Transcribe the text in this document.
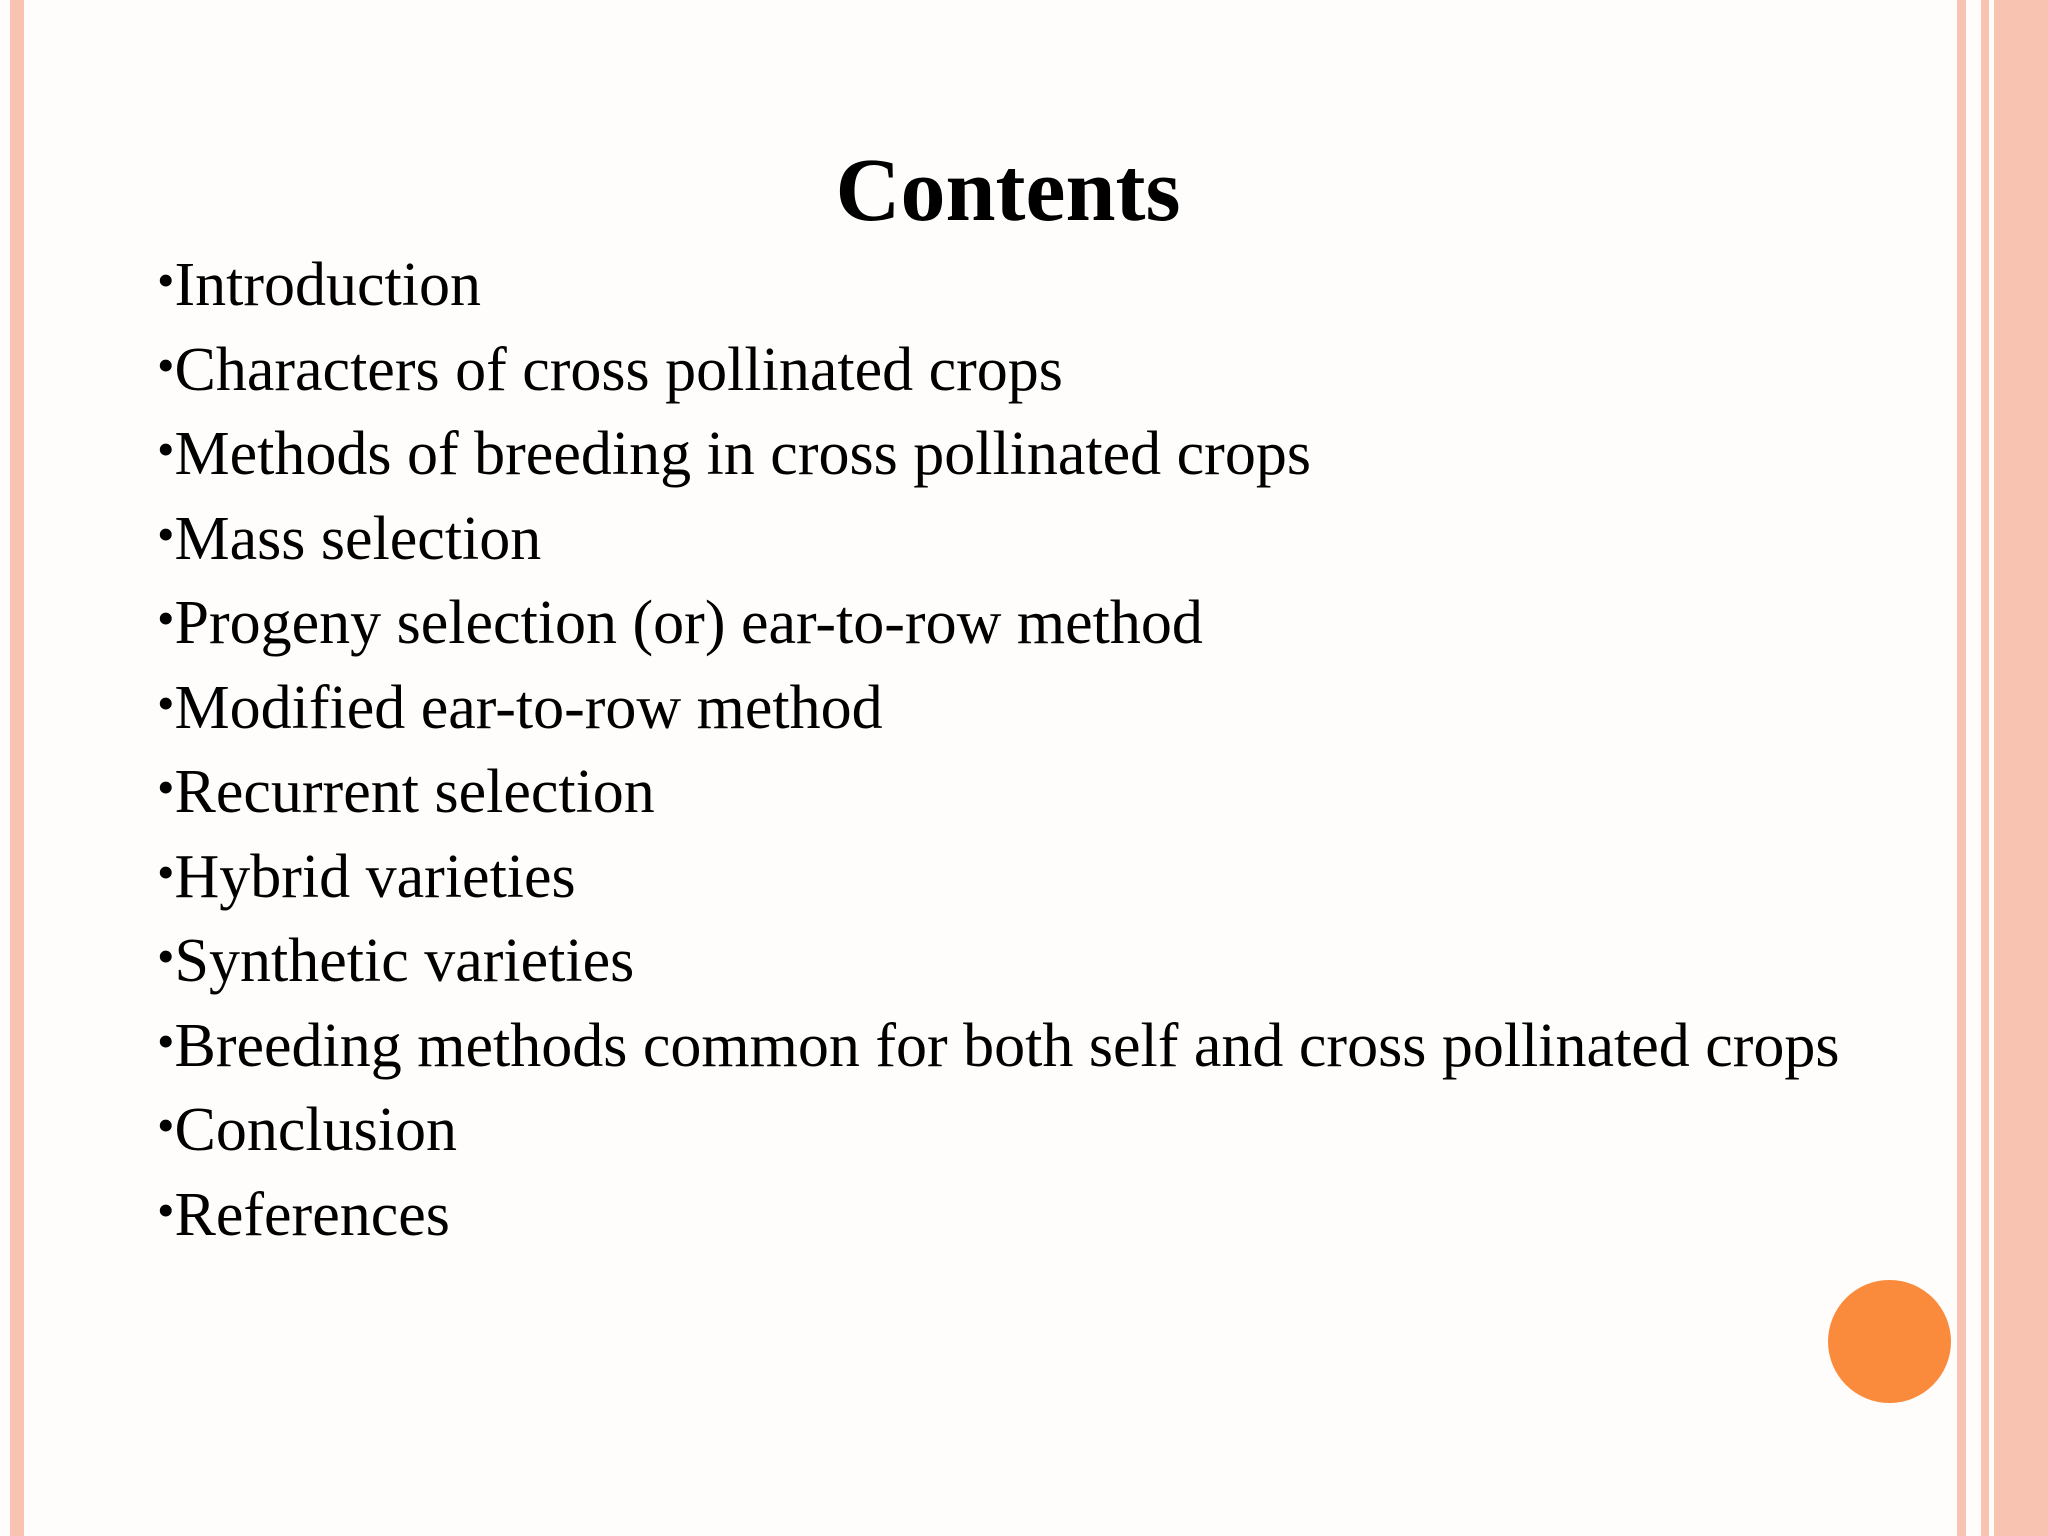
Contents
•Introduction
•Characters of cross pollinated crops
•Methods of breeding in cross pollinated crops
•Mass selection
•Progeny selection (or) ear-to-row method
•Modified ear-to-row method
•Recurrent selection
•Hybrid varieties
•Synthetic varieties
•Breeding methods common for both self and cross pollinated crops
•Conclusion
•References
